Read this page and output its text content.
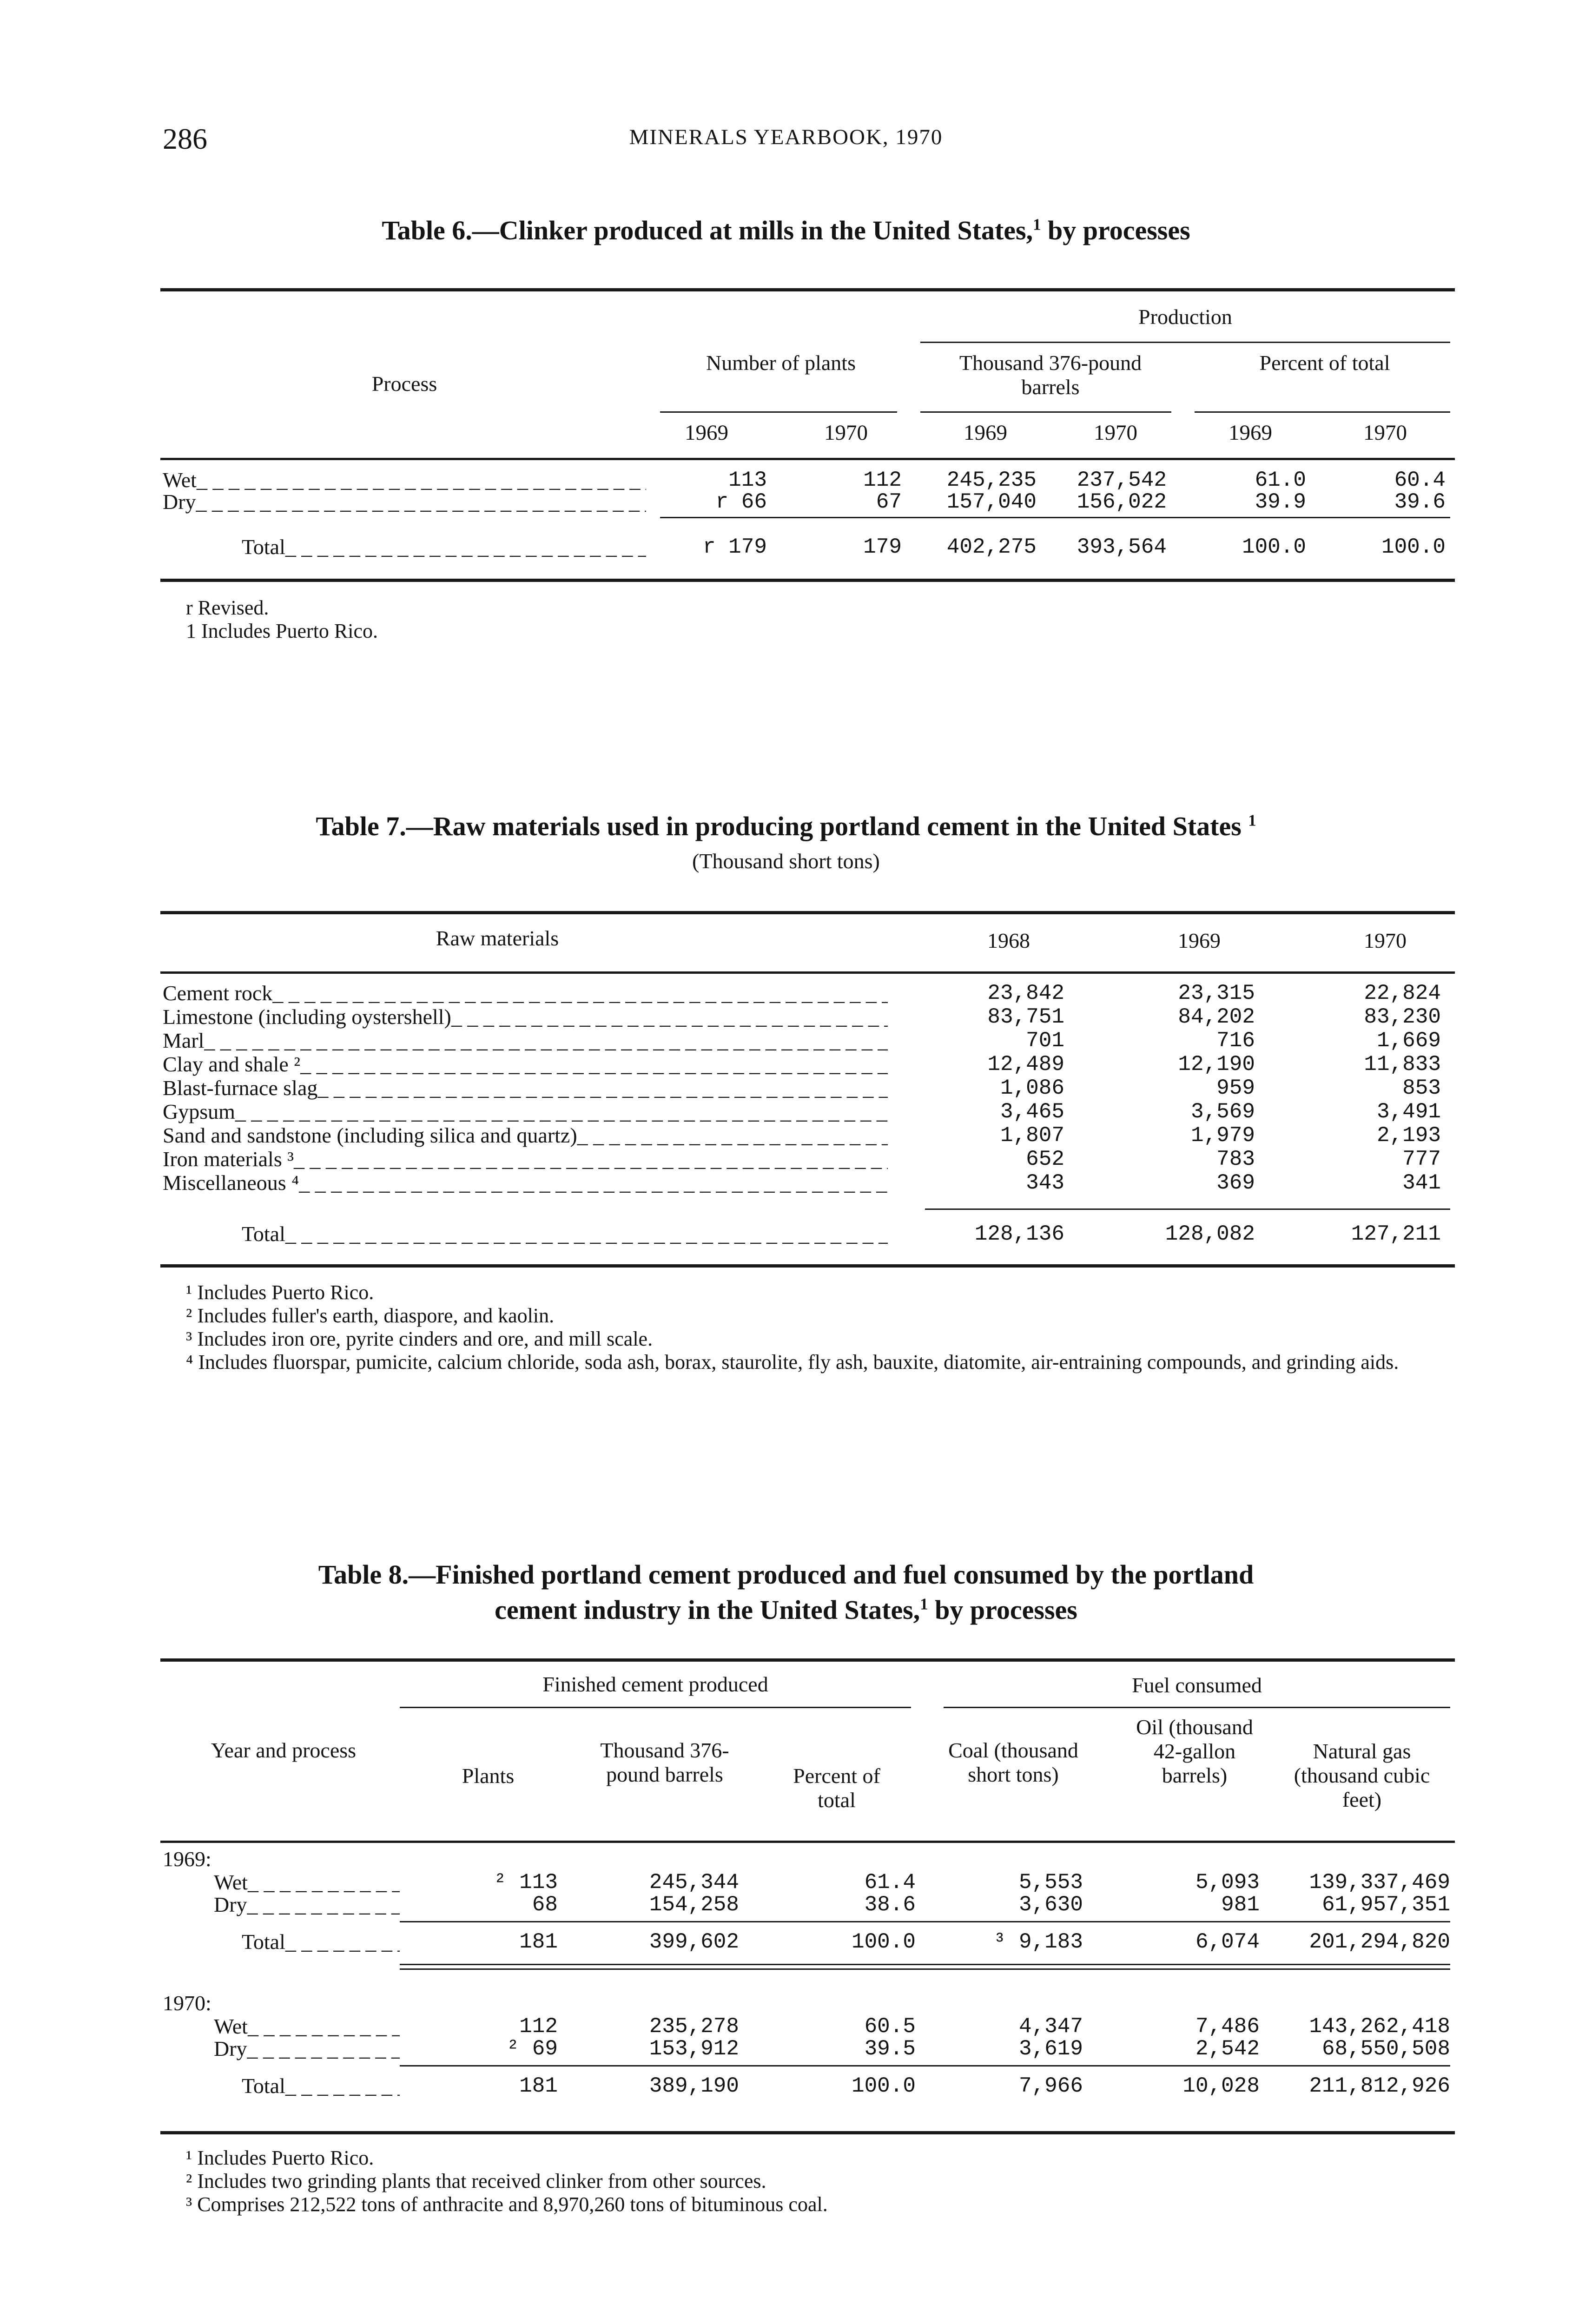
286	MINERALS YEARBOOK, 1970
Table 6.—Clinker produced at mills in the United States,$^1$ by processes
Production
Process
Number of plants	Thousand 376-pound barrels
Percent of total
1969	1970	1969	1970	1969	1970
Wet _ _ _	113	112	245,235	237,542	61.0	60.4
Dry _ _ _	r 66	67	157,040	156,022	39.9	39.6
Total _ _ _	r 179	179	402,275	393,564	100.0	100.0
r Revised.
1 Includes Puerto Rico.
Table 7.—Raw materials used in producing portland cement in the United States $^1$
(Thousand short tons)
Raw materials	1968	1969	1970
Cement rock _ _ _	23,842	23,315	22,824
Limestone (including oystershell) _ _ _	83,751	84,202	83,230
Marl _ _ _	701	716	1,669
Clay and shale ² _ _ _	12,489	12,190	11,833
Blast-furnace slag _ _ _	1,086	959	853
Gypsum _ _ _	3,465	3,569	3,491
Sand and sandstone (including silica and quartz) _ _ _	1,807	1,979	2,193
Iron materials ³ _ _ _	652	783	777
Miscellaneous ⁴ _ _ _	343	369	341
Total _ _ _	128,136	128,082	127,211
¹ Includes Puerto Rico.
² Includes fuller's earth, diaspore, and kaolin.
³ Includes iron ore, pyrite cinders and ore, and mill scale.
⁴ Includes fluorspar, pumicite, calcium chloride, soda ash, borax, staurolite, fly ash, bauxite, diatomite, air-entraining compounds, and grinding aids.
Table 8.—Finished portland cement produced and fuel consumed by the portland
cement industry in the United States,$^1$ by processes
Finished cement produced	Fuel consumed
Year and process
Plants
Thousand 376-pound barrels	Percent of total
Coal (thousand short tons)
Oil (thousand 42-gallon barrels)
Natural gas (thousand cubic feet)
1969:
Wet _ _ _	² 113	245,344	61.4	5,553	5,093	139,337,469
Dry _ _ _	68	154,258	38.6	3,630	981	61,957,351
Total _ _ _	181	399,602	100.0	³ 9,183	6,074	201,294,820
1970:
Wet _ _ _	112	235,278	60.5	4,347	7,486	143,262,418
Dry _ _ _	² 69	153,912	39.5	3,619	2,542	68,550,508
Total _ _ _	181	389,190	100.0	7,966	10,028	211,812,926
¹ Includes Puerto Rico.
² Includes two grinding plants that received clinker from other sources.
³ Comprises 212,522 tons of anthracite and 8,970,260 tons of bituminous coal.
